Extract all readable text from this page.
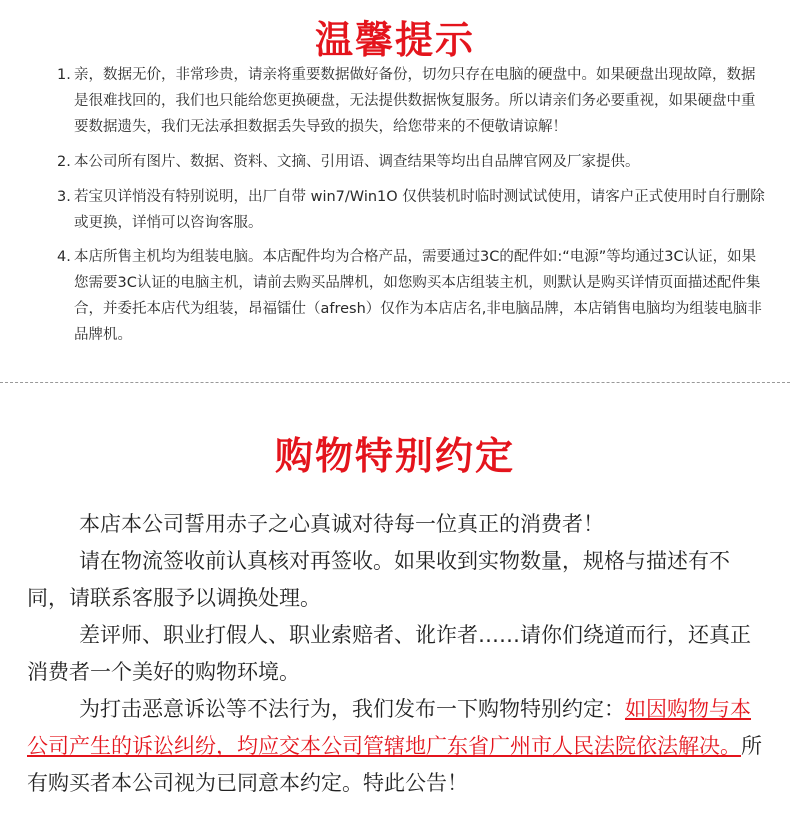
温馨提示
1. 亲，数据无价，非常珍贵，请亲将重要数据做好备份，切勿只存在电脑的硬盘中。如果硬盘出现故障，数据是很难找回的，我们也只能给您更换硬盘，无法提供数据恢复服务。所以请亲们务必要重视，如果硬盘中重要数据遗失，我们无法承担数据丢失导致的损失，给您带来的不便敬请谅解！
2. 本公司所有图片、数据、资料、文摘、引用语、调查结果等均出自品牌官网及厂家提供。
3. 若宝贝详悄没有特别说明，出厂自带 win7/Win1O 仅供装机时临时测试试使用，请客户正式使用时自行删除或更换，详悄可以咨询客服。
4. 本店所售主机均为组装电脑。本店配件均为合格产品，需要通过3C的配件如:“电源”等均通过3C认证，如果您需要3C认证的电脑主机，请前去购买品牌机，如您购买本店组装主机，则默认是购买详情页面描述配件集合，并委托本店代为组装，昂福镭仕（afresh）仅作为本店店名,非电脑品牌，本店销售电脑均为组装电脑非品牌机。
购物特别约定

本店本公司誓用赤子之心真诚对待每一位真正的消费者！

请在物流签收前认真核对再签收。如果收到实物数量，规格与描述有不同，请联系客服予以调换处理。

差评师、职业打假人、职业索赔者、讹诈者……请你们绕道而行，还真正消费者一个美好的购物环境。

为打击恶意诉讼等不法行为，我们发布一下购物特别约定：如因购物与本公司产生的诉讼纠纷，均应交本公司管辖地广东省广州市人民法院依法解决。所有购买者本公司视为已同意本约定。特此公告！
